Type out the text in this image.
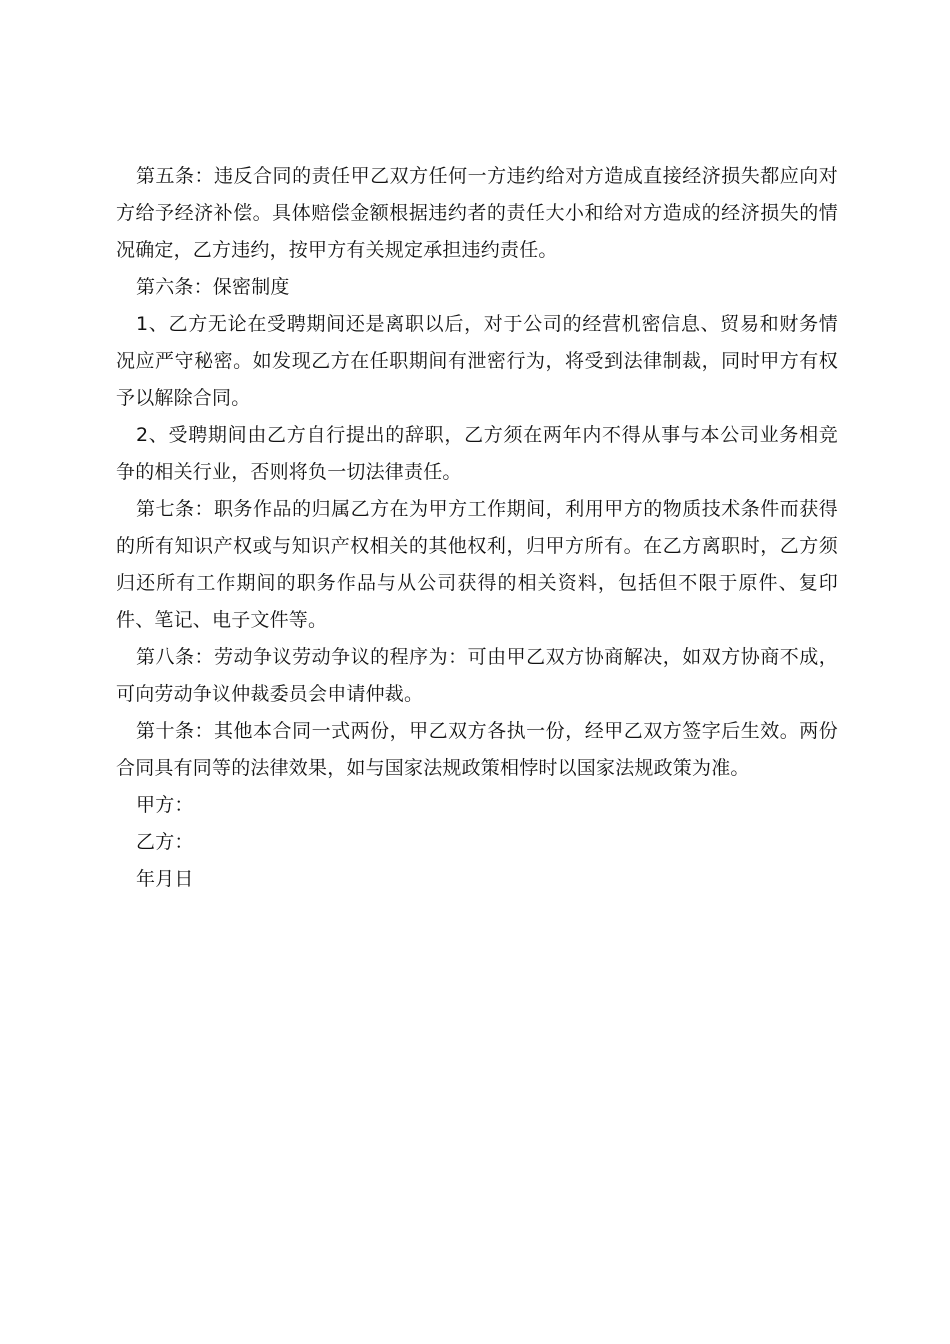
第五条：违反合同的责任甲乙双方任何一方违约给对方造成直接经济损失都应向对方给予经济补偿。具体赔偿金额根据违约者的责任大小和给对方造成的经济损失的情况确定，乙方违约，按甲方有关规定承担违约责任。

第六条：保密制度

1、乙方无论在受聘期间还是离职以后，对于公司的经营机密信息、贸易和财务情况应严守秘密。如发现乙方在任职期间有泄密行为，将受到法律制裁，同时甲方有权予以解除合同。

2、受聘期间由乙方自行提出的辞职，乙方须在两年内不得从事与本公司业务相竞争的相关行业，否则将负一切法律责任。

第七条：职务作品的归属乙方在为甲方工作期间，利用甲方的物质技术条件而获得的所有知识产权或与知识产权相关的其他权利，归甲方所有。在乙方离职时，乙方须归还所有工作期间的职务作品与从公司获得的相关资料，包括但不限于原件、复印件、笔记、电子文件等。

第八条：劳动争议劳动争议的程序为：可由甲乙双方协商解决，如双方协商不成，可向劳动争议仲裁委员会申请仲裁。

第十条：其他本合同一式两份，甲乙双方各执一份，经甲乙双方签字后生效。两份合同具有同等的法律效果，如与国家法规政策相悖时以国家法规政策为准。

甲方：

乙方：

年月日
